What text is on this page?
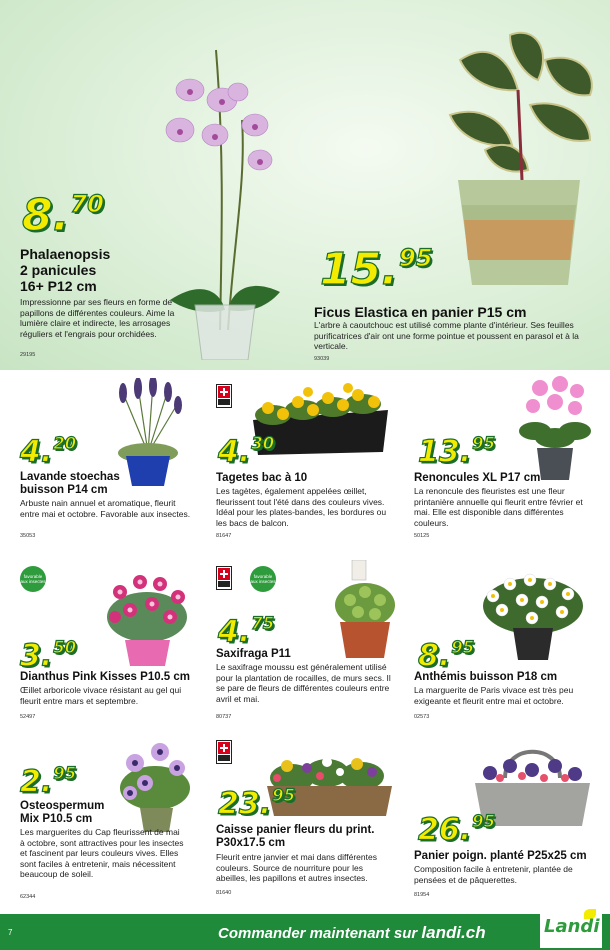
8.70
Phalaenopsis
2 panicules
16+ P12 cm
Impressionne par ses fleurs en forme de papillons de différentes couleurs. Aime la lumière claire et indirecte, les arrosages réguliers et l'engrais pour orchidées.
29195
15.95
Ficus Elastica en panier P15 cm
L'arbre à caoutchouc est utilisé comme plante d'intérieur. Ses feuilles purificatrices d'air ont une forme pointue et poussent en parasol et à la verticale.
93039
4.20
Lavande stoechas
buisson P14 cm
Arbuste nain annuel et aromatique, fleurit entre mai et octobre. Favorable aux insectes.
35053
4.30
Tagetes bac à 10
Les tagètes, également appelées œillet, fleurissent tout l'été dans des couleurs vives. Idéal pour les plates-bandes, les bordures ou les bacs de balcon.
81647
13.95
Renoncules XL P17 cm
La renoncule des fleuristes est une fleur printanière annuelle qui fleurit entre février et mai. Elle est disponible dans différentes couleurs.
50125
favorable aux insectes
3.50
Dianthus Pink Kisses P10.5 cm
Œillet arboricole vivace résistant au gel qui fleurit entre mars et septembre.
52497
favorable aux insectes
4.75
Saxifraga P11
Le saxifrage moussu est généralement utilisé pour la plantation de rocailles, de murs secs. Il se pare de fleurs de différentes couleurs entre avril et mai.
80737
8.95
Anthémis buisson P18 cm
La marguerite de Paris vivace est très peu exigeante et fleurit entre mai et octobre.
02573
2.95
Osteospermum
Mix P10.5 cm
Les marguerites du Cap fleurissent de mai à octobre, sont attractives pour les insectes et fascinent par leurs couleurs vives. Elles sont faciles à entretenir, mais nécessitent beaucoup de soleil.
62344
23.95
Caisse panier fleurs du print.
P30x17.5 cm
Fleurit entre janvier et mai dans différentes couleurs. Source de nourriture pour les abeilles, les papillons et autres insectes.
81640
26.95
Panier poign. planté P25x25 cm
Composition facile à entretenir, plantée de pensées et de pâquerettes.
81954
7	Commander maintenant sur landi.ch	Landi
